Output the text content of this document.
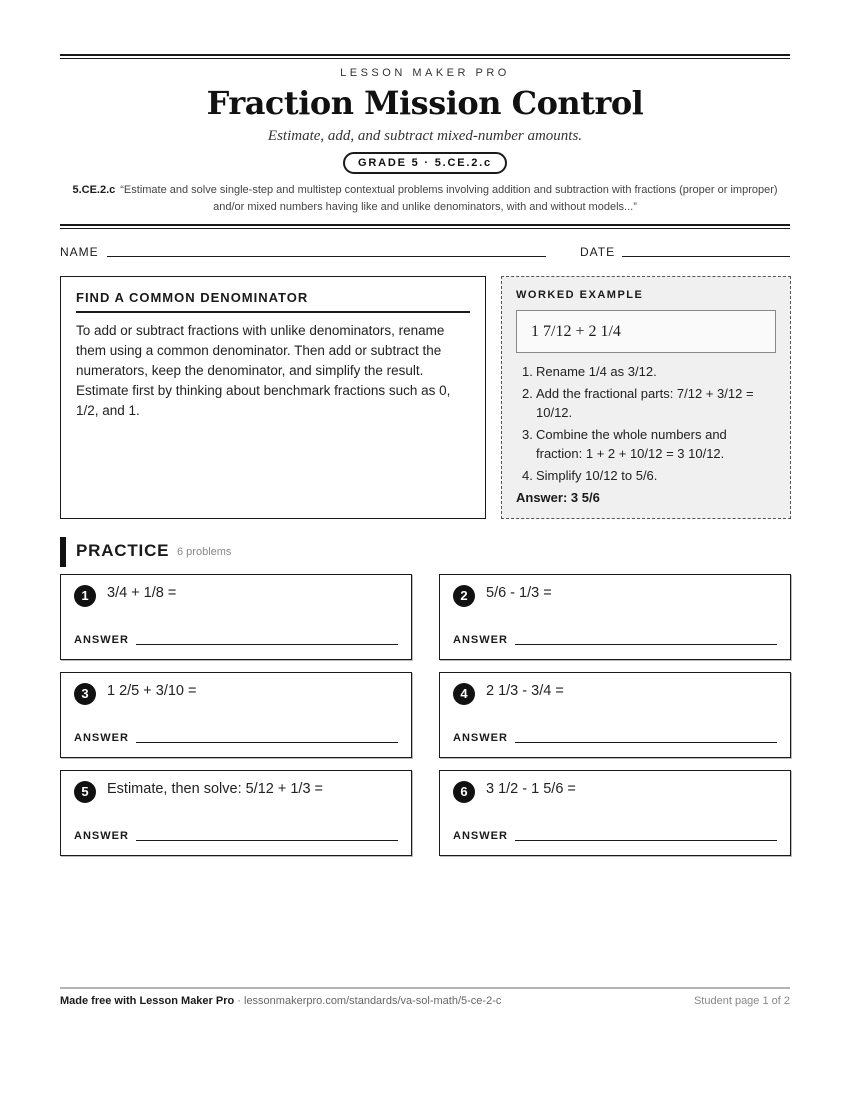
LESSON MAKER PRO
Fraction Mission Control
Estimate, add, and subtract mixed-number amounts.
GRADE 5 · 5.CE.2.c
5.CE.2.c “Estimate and solve single-step and multistep contextual problems involving addition and subtraction with fractions (proper or improper) and/or mixed numbers having like and unlike denominators, with and without models...”
NAME	DATE
FIND A COMMON DENOMINATOR
To add or subtract fractions with unlike denominators, rename them using a common denominator. Then add or subtract the numerators, keep the denominator, and simplify the result. Estimate first by thinking about benchmark fractions such as 0, 1/2, and 1.
WORKED EXAMPLE
1 7/12 + 2 1/4
1. Rename 1/4 as 3/12.
2. Add the fractional parts: 7/12 + 3/12 = 10/12.
3. Combine the whole numbers and fraction: 1 + 2 + 10/12 = 3 10/12.
4. Simplify 10/12 to 5/6.
Answer: 3 5/6
PRACTICE 6 problems
1	3/4 + 1/8 =
ANSWER
2	5/6 - 1/3 =
ANSWER
3	1 2/5 + 3/10 =
ANSWER
4	2 1/3 - 3/4 =
ANSWER
5	Estimate, then solve: 5/12 + 1/3 =
ANSWER
6	3 1/2 - 1 5/6 =
ANSWER
Made free with Lesson Maker Pro · lessonmakerpro.com/standards/va-sol-math/5-ce-2-c	Student page 1 of 2
